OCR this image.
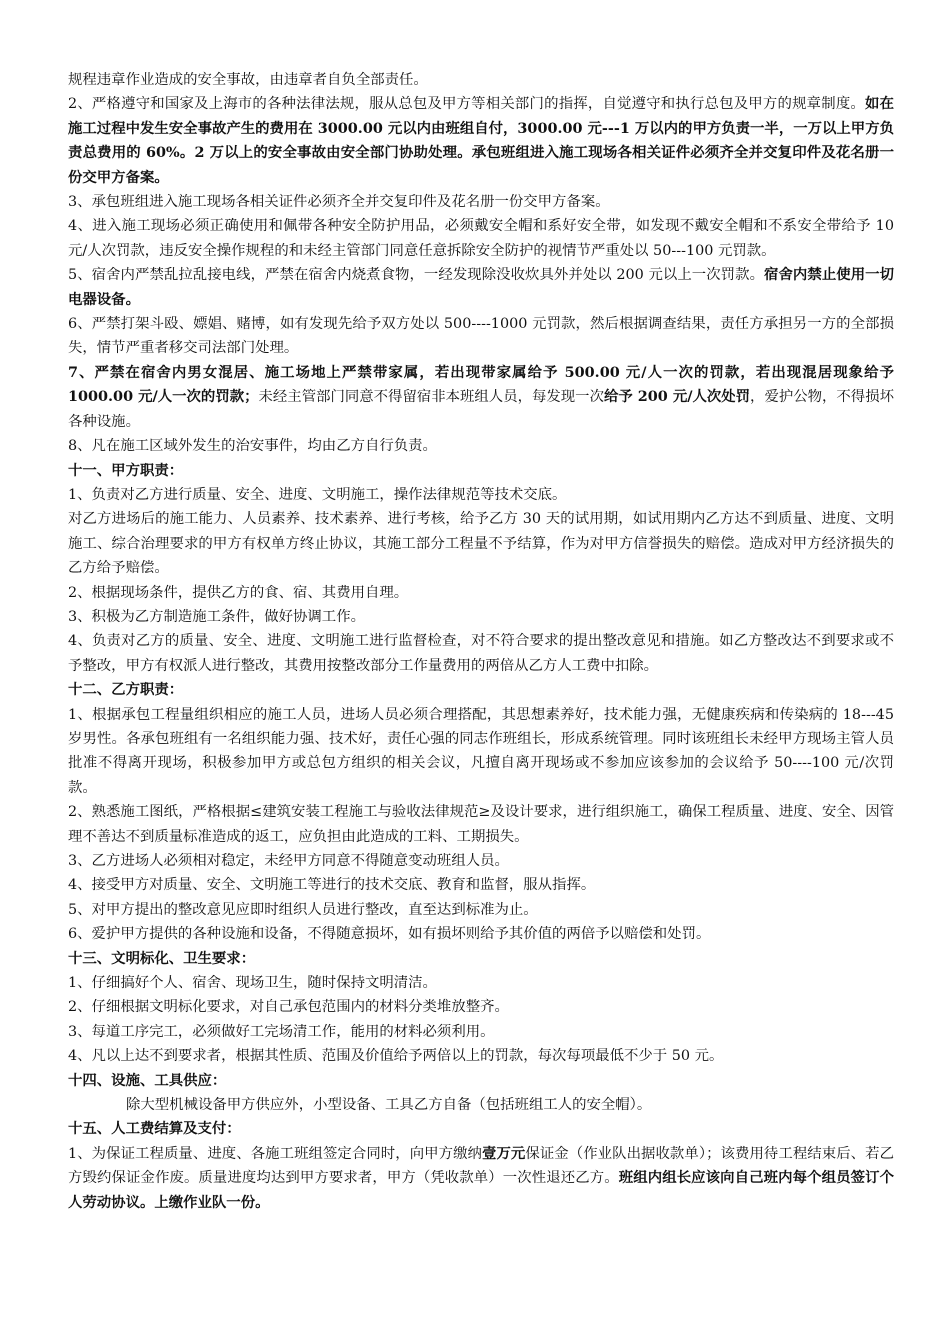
规程违章作业造成的安全事故，由违章者自负全部责任。

2、严格遵守和国家及上海市的各种法律法规，服从总包及甲方等相关部门的指挥，自觉遵守和执行总包及甲方的规章制度。如在施工过程中发生安全事故产生的费用在 3000.00 元以内由班组自付，3000.00 元---1 万以内的甲方负责一半，一万以上甲方负责总费用的 60%。2 万以上的安全事故由安全部门协助处理。承包班组进入施工现场各相关证件必须齐全并交复印件及花名册一份交甲方备案。

3、承包班组进入施工现场各相关证件必须齐全并交复印件及花名册一份交甲方备案。

4、进入施工现场必须正确使用和佩带各种安全防护用品，必须戴安全帽和系好安全带，如发现不戴安全帽和不系安全带给予 10 元/人次罚款，违反安全操作规程的和未经主管部门同意任意拆除安全防护的视情节严重处以 50---100 元罚款。

5、宿舍内严禁乱拉乱接电线，严禁在宿舍内烧煮食物，一经发现除没收炊具外并处以 200 元以上一次罚款。宿舍内禁止使用一切电器设备。

6、严禁打架斗殴、嫖娼、赌博，如有发现先给予双方处以 500----1000 元罚款，然后根据调查结果，责任方承担另一方的全部损失，情节严重者移交司法部门处理。

7、严禁在宿舍内男女混居、施工场地上严禁带家属，若出现带家属给予 500.00 元/人一次的罚款，若出现混居现象给予 1000.00 元/人一次的罚款；未经主管部门同意不得留宿非本班组人员，每发现一次给予 200 元/人次处罚，爱护公物，不得损坏各种设施。

8、凡在施工区域外发生的治安事件，均由乙方自行负责。

十一、甲方职责：

1、负责对乙方进行质量、安全、进度、文明施工，操作法律规范等技术交底。

对乙方进场后的施工能力、人员素养、技术素养、进行考核，给予乙方 30 天的试用期，如试用期内乙方达不到质量、进度、文明施工、综合治理要求的甲方有权单方终止协议，其施工部分工程量不予结算，作为对甲方信誉损失的赔偿。造成对甲方经济损失的乙方给予赔偿。

2、根据现场条件，提供乙方的食、宿、其费用自理。

3、积极为乙方制造施工条件，做好协调工作。

4、负责对乙方的质量、安全、进度、文明施工进行监督检查，对不符合要求的提出整改意见和措施。如乙方整改达不到要求或不予整改，甲方有权派人进行整改，其费用按整改部分工作量费用的两倍从乙方人工费中扣除。

十二、乙方职责：

1、根据承包工程量组织相应的施工人员，进场人员必须合理搭配，其思想素养好，技术能力强，无健康疾病和传染病的 18---45 岁男性。各承包班组有一名组织能力强、技术好，责任心强的同志作班组长，形成系统管理。同时该班组长未经甲方现场主管人员批准不得离开现场，积极参加甲方或总包方组织的相关会议，凡擅自离开现场或不参加应该参加的会议给予 50----100 元/次罚款。

2、熟悉施工图纸，严格根据≤建筑安装工程施工与验收法律规范≥及设计要求，进行组织施工，确保工程质量、进度、安全、因管理不善达不到质量标准造成的返工，应负担由此造成的工料、工期损失。

3、乙方进场人必须相对稳定，未经甲方同意不得随意变动班组人员。

4、接受甲方对质量、安全、文明施工等进行的技术交底、教育和监督，服从指挥。

5、对甲方提出的整改意见应即时组织人员进行整改，直至达到标准为止。

6、爱护甲方提供的各种设施和设备，不得随意损坏，如有损坏则给予其价值的两倍予以赔偿和处罚。

十三、文明标化、卫生要求：

1、仔细搞好个人、宿舍、现场卫生，随时保持文明清洁。

2、仔细根据文明标化要求，对自己承包范围内的材料分类堆放整齐。

3、每道工序完工，必须做好工完场清工作，能用的材料必须利用。

4、凡以上达不到要求者，根据其性质、范围及价值给予两倍以上的罚款，每次每项最低不少于 50 元。

十四、设施、工具供应：

除大型机械设备甲方供应外，小型设备、工具乙方自备（包括班组工人的安全帽）。

十五、人工费结算及支付：

1、为保证工程质量、进度、各施工班组签定合同时，向甲方缴纳壹万元保证金（作业队出据收款单）；该费用待工程结束后、若乙方毁约保证金作废。质量进度均达到甲方要求者，甲方（凭收款单）一次性退还乙方。班组内组长应该向自己班内每个组员签订个人劳动协议。上缴作业队一份。
